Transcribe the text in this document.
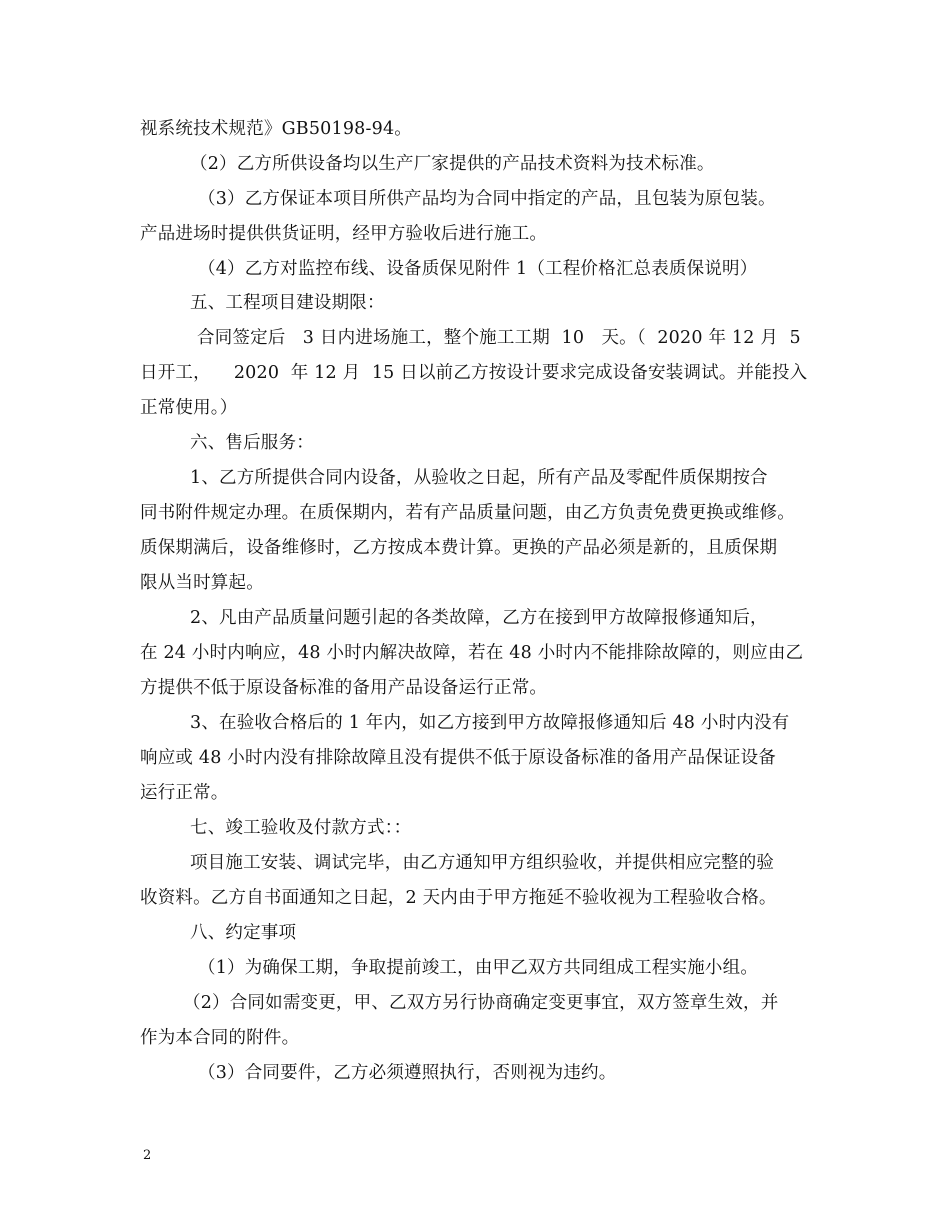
视系统技术规范》GB50198-94。
（2）乙方所供设备均以生产厂家提供的产品技术资料为技术标准。
（3）乙方保证本项目所供产品均为合同中指定的产品，且包装为原包装。
产品进场时提供供货证明，经甲方验收后进行施工。
（4）乙方对监控布线、设备质保见附件 1（工程价格汇总表质保说明）
五、工程项目建设期限：
合同签定后   3 日内进场施工，整个施工工期  10   天。（  2020 年 12 月  5
日开工，    2020  年 12 月  15 日以前乙方按设计要求完成设备安装调试。并能投入
正常使用。）
六、售后服务：
1、乙方所提供合同内设备，从验收之日起，所有产品及零配件质保期按合
同书附件规定办理。在质保期内，若有产品质量问题，由乙方负责免费更换或维修。
质保期满后，设备维修时，乙方按成本费计算。更换的产品必须是新的，且质保期
限从当时算起。
2、凡由产品质量问题引起的各类故障，乙方在接到甲方故障报修通知后，
在 24 小时内响应，48 小时内解决故障，若在 48 小时内不能排除故障的，则应由乙
方提供不低于原设备标准的备用产品设备运行正常。
3、在验收合格后的 1 年内，如乙方接到甲方故障报修通知后 48 小时内没有
响应或 48 小时内没有排除故障且没有提供不低于原设备标准的备用产品保证设备
运行正常。
七、竣工验收及付款方式：：
项目施工安装、调试完毕，由乙方通知甲方组织验收，并提供相应完整的验
收资料。乙方自书面通知之日起，2 天内由于甲方拖延不验收视为工程验收合格。
八、约定事项
（1）为确保工期，争取提前竣工，由甲乙双方共同组成工程实施小组。
（2）合同如需变更，甲、乙双方另行协商确定变更事宜，双方签章生效，并
作为本合同的附件。
（3）合同要件，乙方必须遵照执行，否则视为违约。
2
